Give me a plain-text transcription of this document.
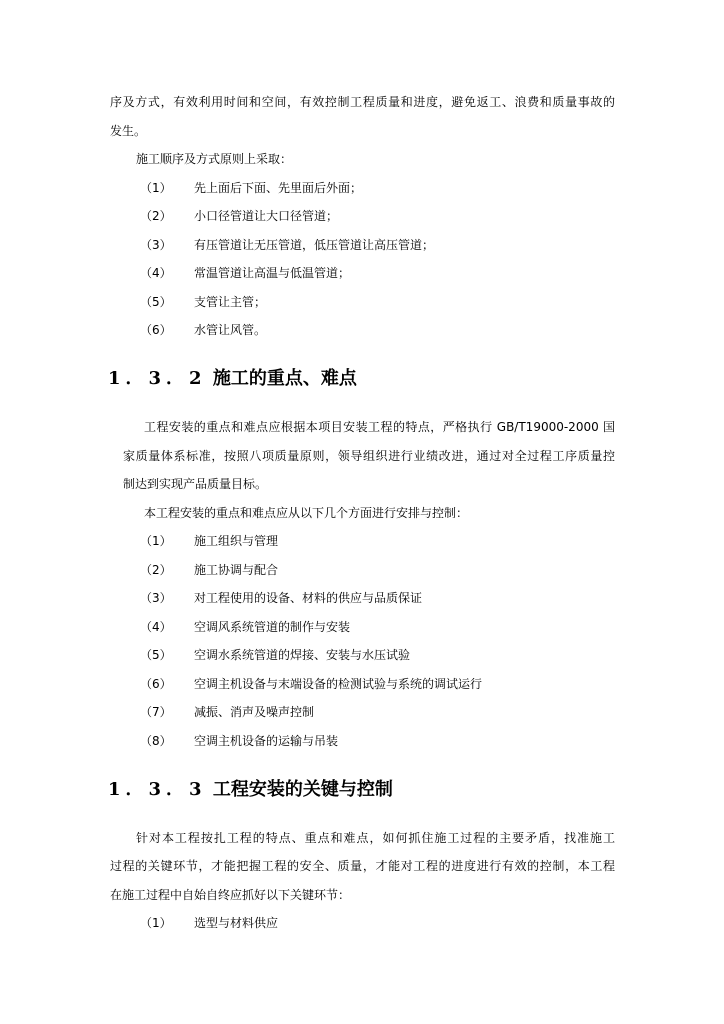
序及方式，有效利用时间和空间，有效控制工程质量和进度，避免返工、浪费和质量事故的
发生。
施工顺序及方式原则上采取：
（1） 先上面后下面、先里面后外面；
（2） 小口径管道让大口径管道；
（3） 有压管道让无压管道，低压管道让高压管道；
（4） 常温管道让高温与低温管道；
（5） 支管让主管；
（6） 水管让风管。
1．3．2 施工的重点、难点
工程安装的重点和难点应根据本项目安装工程的特点，严格执行 GB/T19000-2000 国
家质量体系标准，按照八项质量原则，领导组织进行业绩改进，通过对全过程工序质量控
制达到实现产品质量目标。
本工程安装的重点和难点应从以下几个方面进行安排与控制：
（1） 施工组织与管理
（2） 施工协调与配合
（3） 对工程使用的设备、材料的供应与品质保证
（4） 空调风系统管道的制作与安装
（5） 空调水系统管道的焊接、安装与水压试验
（6） 空调主机设备与末端设备的检测试验与系统的调试运行
（7） 减振、消声及噪声控制
（8） 空调主机设备的运输与吊装
1．3．3 工程安装的关键与控制
针对本工程按扎工程的特点、重点和难点，如何抓住施工过程的主要矛盾，找准施工
过程的关键环节，才能把握工程的安全、质量，才能对工程的进度进行有效的控制，本工程
在施工过程中自始自终应抓好以下关键环节：
（1） 选型与材料供应
